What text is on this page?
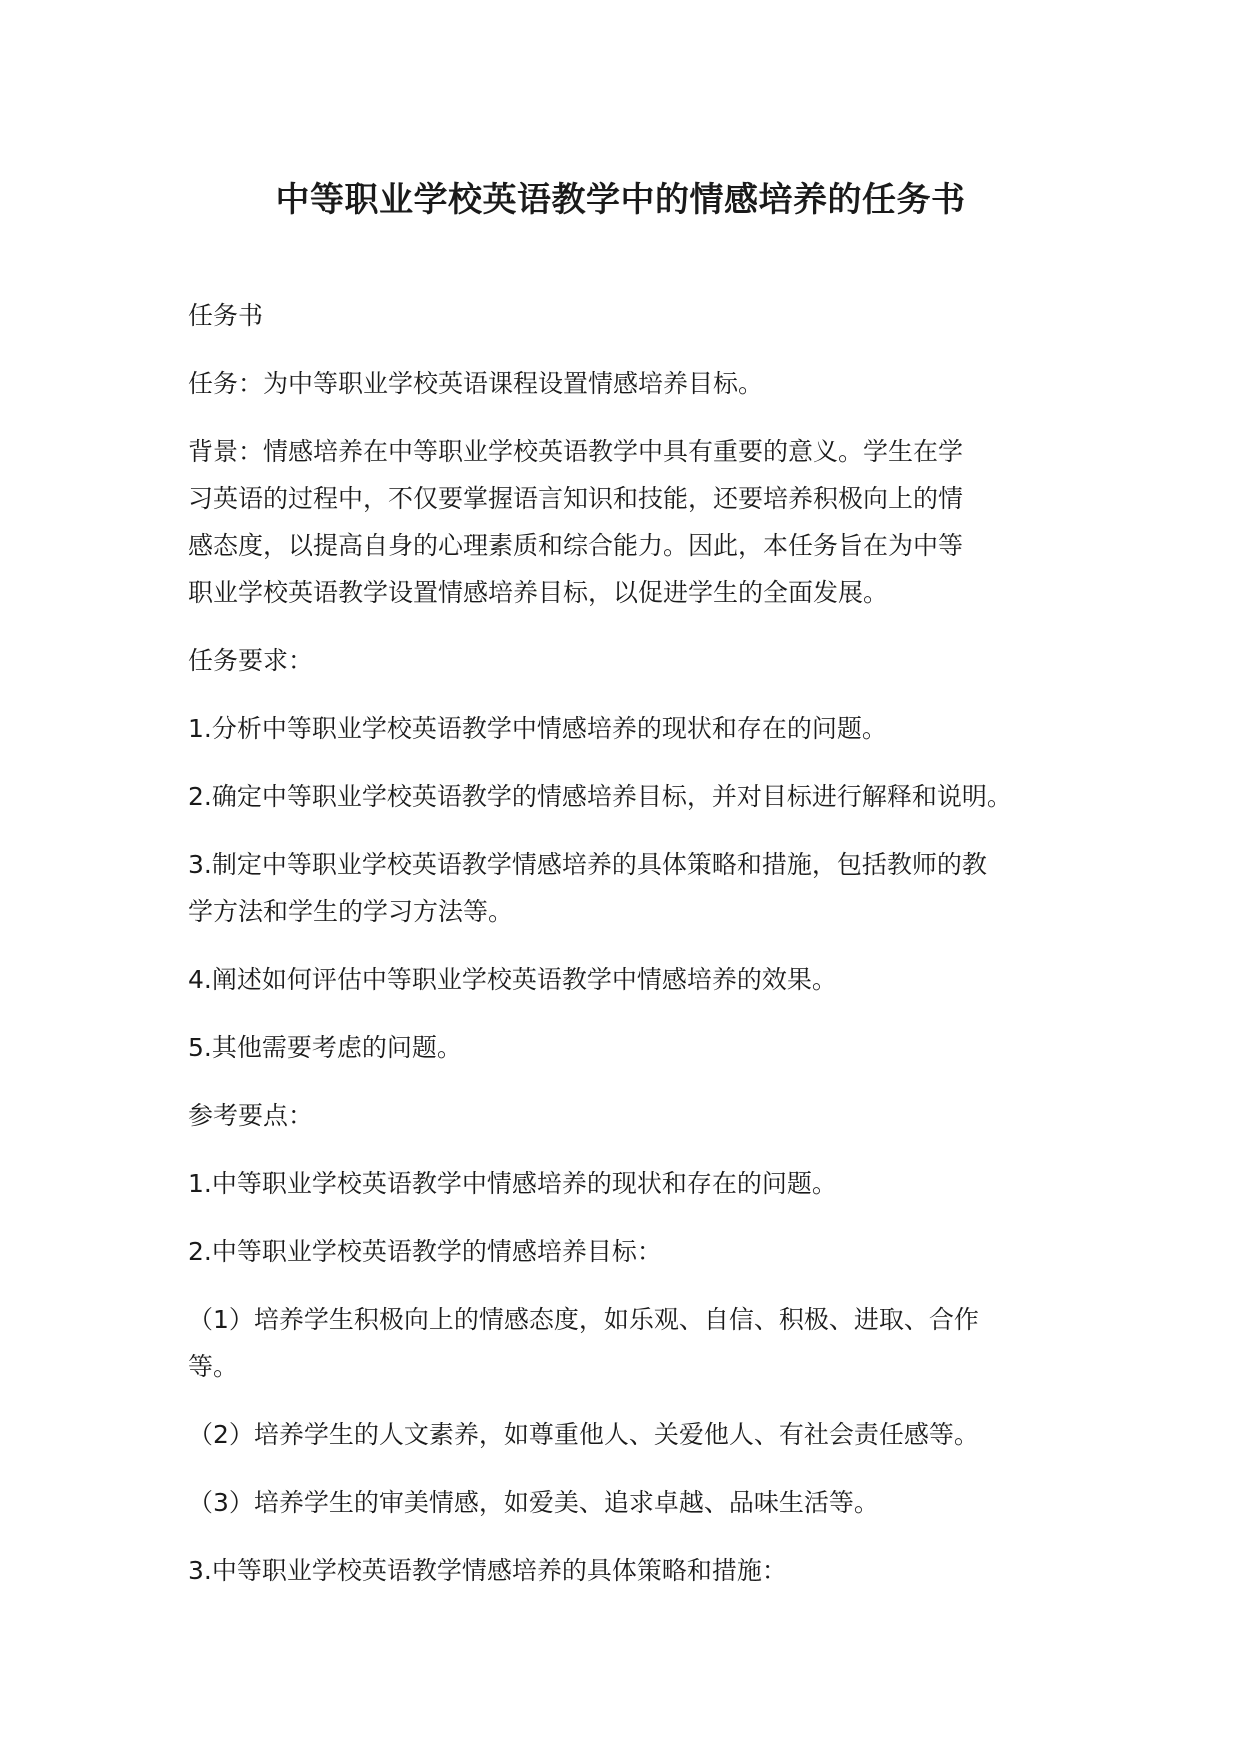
中等职业学校英语教学中的情感培养的任务书

任务书

任务：为中等职业学校英语课程设置情感培养目标。

背景：情感培养在中等职业学校英语教学中具有重要的意义。学生在学
习英语的过程中，不仅要掌握语言知识和技能，还要培养积极向上的情
感态度，以提高自身的心理素质和综合能力。因此，本任务旨在为中等
职业学校英语教学设置情感培养目标，以促进学生的全面发展。

任务要求：

1.分析中等职业学校英语教学中情感培养的现状和存在的问题。

2.确定中等职业学校英语教学的情感培养目标，并对目标进行解释和说明。

3.制定中等职业学校英语教学情感培养的具体策略和措施，包括教师的教
学方法和学生的学习方法等。

4.阐述如何评估中等职业学校英语教学中情感培养的效果。

5.其他需要考虑的问题。

参考要点：

1.中等职业学校英语教学中情感培养的现状和存在的问题。

2.中等职业学校英语教学的情感培养目标：

（1）培养学生积极向上的情感态度，如乐观、自信、积极、进取、合作
等。

（2）培养学生的人文素养，如尊重他人、关爱他人、有社会责任感等。

（3）培养学生的审美情感，如爱美、追求卓越、品味生活等。

3.中等职业学校英语教学情感培养的具体策略和措施：
